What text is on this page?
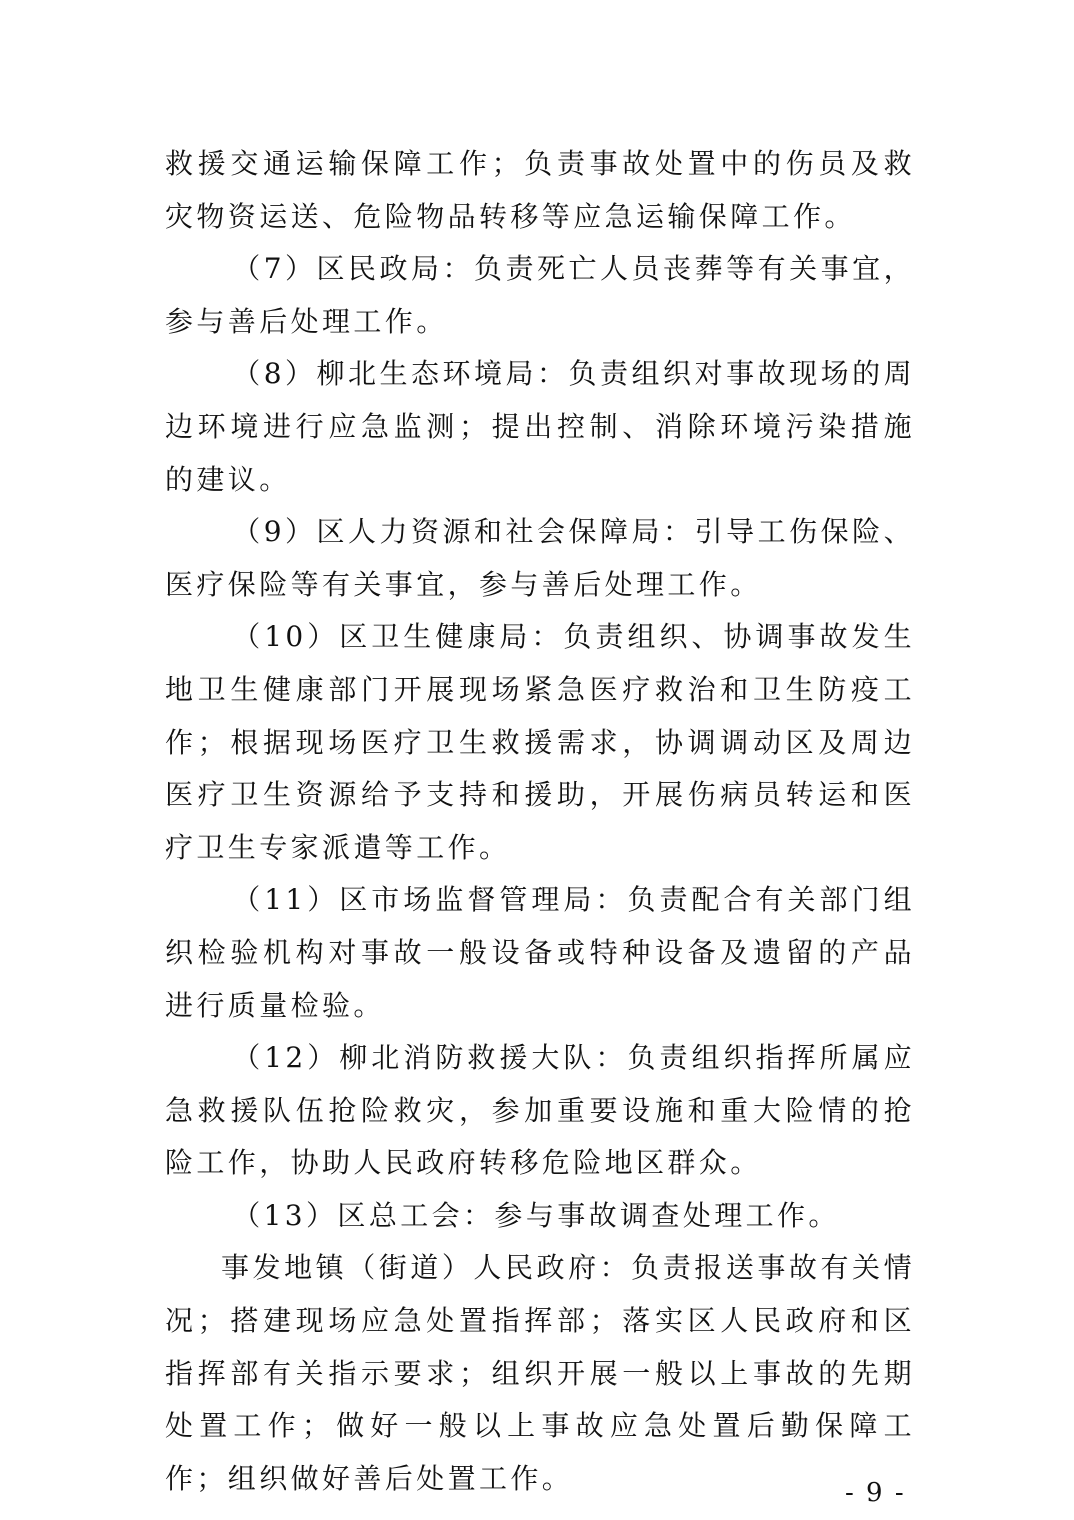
救援交通运输保障工作；负责事故处置中的伤员及救灾物资运送、危险物品转移等应急运输保障工作。

（7）区民政局：负责死亡人员丧葬等有关事宜，参与善后处理工作。

（8）柳北生态环境局：负责组织对事故现场的周边环境进行应急监测；提出控制、消除环境污染措施的建议。

（9）区人力资源和社会保障局：引导工伤保险、医疗保险等有关事宜，参与善后处理工作。

（10）区卫生健康局：负责组织、协调事故发生地卫生健康部门开展现场紧急医疗救治和卫生防疫工作；根据现场医疗卫生救援需求，协调调动区及周边医疗卫生资源给予支持和援助，开展伤病员转运和医疗卫生专家派遣等工作。

（11）区市场监督管理局：负责配合有关部门组织检验机构对事故一般设备或特种设备及遗留的产品进行质量检验。

（12）柳北消防救援大队：负责组织指挥所属应急救援队伍抢险救灾，参加重要设施和重大险情的抢险工作，协助人民政府转移危险地区群众。

（13）区总工会：参与事故调查处理工作。

事发地镇（街道）人民政府：负责报送事故有关情况；搭建现场应急处置指挥部；落实区人民政府和区指挥部有关指示要求；组织开展一般以上事故的先期处置工作；做好一般以上事故应急处置后勤保障工作；组织做好善后处置工作。	- 9 -
